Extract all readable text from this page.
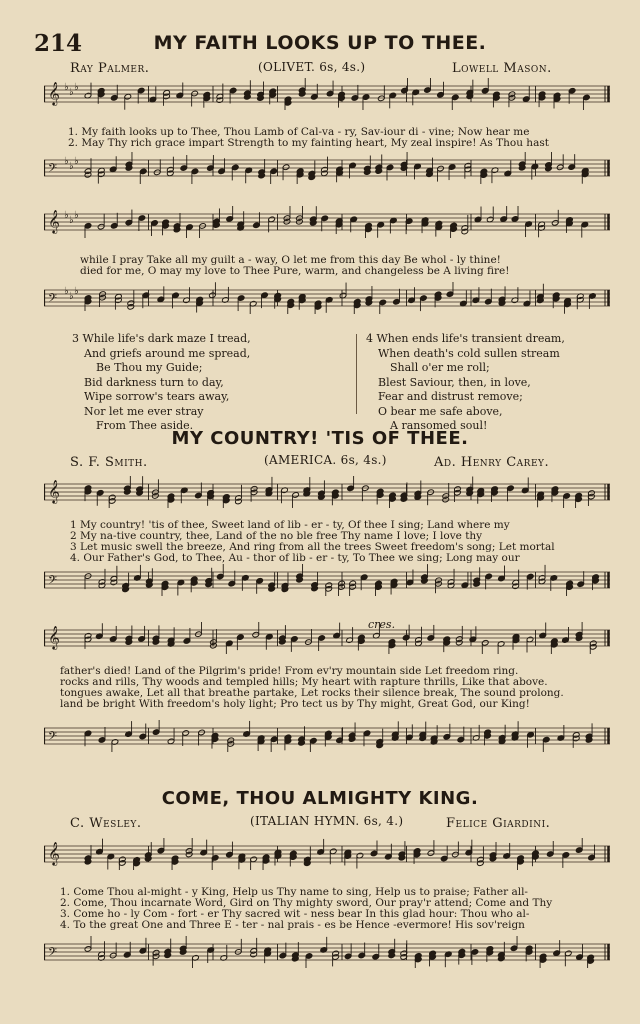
214	MY FAITH LOOKS UP TO THEE.
Ray Palmer.	(OLIVET. 6s, 4s.)	Lowell Mason.
𝄞 ♭ ♭ ♭
1. My faith looks up to Thee, Thou Lamb of Cal-va - ry, Sav-iour di - vine; Now hear me
2. May Thy rich grace impart Strength to my fainting heart, My zeal inspire! As Thou hast
𝄢
♭ ♭ ♭
𝄞 ♭ ♭ ♭
while I pray Take all my guilt a - way, O let me from this day Be whol - ly thine!
died for me, O may my love to Thee Pure, warm, and changeless be A living fire!
𝄢
♭ ♭ ♭
3 While life's dark maze I tread,
And griefs around me spread,
Be Thou my Guide;
Bid darkness turn to day,
Wipe sorrow's tears away,
Nor let me ever stray
From Thee aside.
4 When ends life's transient dream,
When death's cold sullen stream
Shall o'er me roll;
Blest Saviour, then, in love,
Fear and distrust remove;
O bear me safe above,
A ransomed soul!
MY COUNTRY! 'TIS OF THEE.
S. F. Smith.	(AMERICA. 6s, 4s.)	Ad. Henry Carey.
𝄞
1 My country! 'tis of thee, Sweet land of lib - er - ty, Of thee I sing; Land where my
2 My na-tive country, thee, Land of the no ble free Thy name I love; I love thy
3 Let music swell the breeze, And ring from all the trees Sweet freedom's song; Let mortal
4. Our Father's God, to Thee, Au - thor of lib - er - ty, To Thee we sing; Long may our
𝄢
cres.
𝄞
father's died! Land of the Pilgrim's pride! From ev'ry mountain side Let freedom ring.
rocks and rills, Thy woods and templed hills; My heart with rapture thrills, Like that above.
tongues awake, Let all that breathe partake, Let rocks their silence break, The sound prolong.
land be bright With freedom's holy light; Pro tect us by Thy might, Great God, our King!
𝄢
COME, THOU ALMIGHTY KING.
C. Wesley.	(ITALIAN HYMN. 6s, 4.)	Felice Giardini.
𝄞
1. Come Thou al-might - y King, Help us Thy name to sing, Help us to praise; Father all-
2. Come, Thou incarnate Word, Gird on Thy mighty sword, Our pray'r attend; Come and Thy
3. Come ho - ly Com - fort - er Thy sacred wit - ness bear In this glad hour: Thou who al-
4. To the great One and Three E - ter - nal prais - es be Hence -evermore! His sov'reign
𝄢
